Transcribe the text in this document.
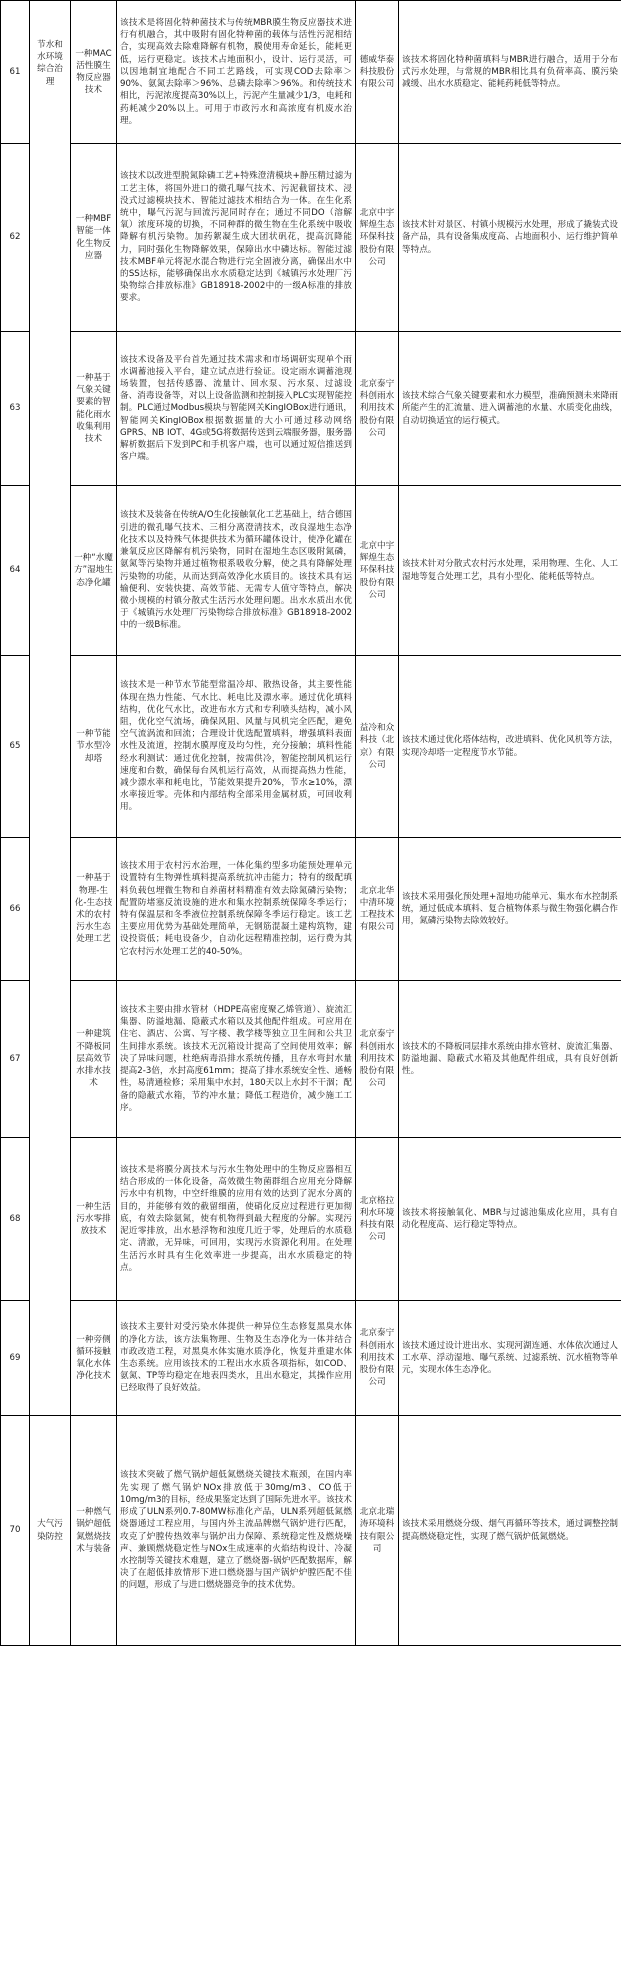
61	节水和水环境综合治理	一种MAC活性膜生物反应器技术	该技术是将固化特种菌技术与传统MBR膜生物反应器技术进行有机融合，其中吸附有固化特种菌的载体与活性污泥相结合，实现高效去除难降解有机物，膜使用寿命延长，能耗更低，运行更稳定。该技术占地面积小，设计、运行灵活，可以因地制宜地配合不同工艺路线，可实现COD去除率＞90%、氨氮去除率＞96%、总磷去除率＞96%。和传统技术相比，污泥浓度提高30%以上，污泥产生量减少1/3，电耗和药耗减少20%以上。可用于市政污水和高浓度有机废水治理。	德威华泰科技股份有限公司	该技术将固化特种菌填料与MBR进行融合，适用于分布式污水处理，与常规的MBR相比具有负荷率高、膜污染减缓、出水水质稳定、能耗药耗低等特点。
62		一种MBF智能一体化生物反应器	该技术以改进型脱氮除磷工艺+特殊澄清模块+静压精过滤为工艺主体，将国外进口的微孔曝气技术、污泥截留技术、浸没式过滤模块技术、智能过滤技术相结合为一体。在生化系统中，曝气污泥与回流污泥同时存在；通过不同DO（溶解氧）浓度环境的切换，不同种群的微生物在生化系统中吸收降解有机污染物。加药絮凝生成大团状矾花，提高沉降能力，同时强化生物降解效果，保障出水中磷达标。智能过滤技术MBF单元将泥水混合物进行完全固液分离，确保出水中的SS达标，能够确保出水水质稳定达到《城镇污水处理厂污染物综合排放标准》GB18918-2002中的一级A标准的排放要求。	北京中宇辉煌生态环保科技股份有限公司	该技术针对景区、村镇小规模污水处理，形成了撬装式设备产品，具有设备集成度高、占地面积小、运行维护简单等特点。
63		一种基于气象关键要素的智能化雨水收集利用技术	该技术设备及平台首先通过技术需求和市场调研实现单个雨水调蓄池接入平台，建立试点进行验证。设定雨水调蓄池现场装置，包括传感器、流量计、回水泵、污水泵、过滤设备、消毒设备等，对以上设备监测和控制接入PLC实现智能控制。PLC通过Modbus模块与智能网关KingIOBox进行通讯，智能网关KingIOBox根据数据量的大小可通过移动网络GPRS、NB IOT、4G或5G将数据传送到云端服务器，服务器解析数据后下发到PC和手机客户端，也可以通过短信推送到客户端。	北京泰宁科创雨水利用技术股份有限公司	该技术综合气象关键要素和水力模型，准确预测未来降雨所能产生的汇流量、进入调蓄池的水量、水质变化曲线，自动切换适宜的运行模式。
64		一种“水魔方”湿地生态净化罐	该技术及装备在传统A/O生化接触氧化工艺基础上，结合德国引进的微孔曝气技术、三相分离澄清技术，改良湿地生态净化技术以及特殊气体提供技术为循环罐体设计，使净化罐在兼氧反应区降解有机污染物，同时在湿地生态区吸附氮磷，氨氮等污染物并通过植物根系吸收分解，使之具有降解处理污染物的功能，从而达到高效净化水质目的。该技术具有运输便利、安装快捷、高效节能、无需专人值守等特点，解决微小规模的村镇分散式生活污水处理问题。出水水质出水优于《城镇污水处理厂污染物综合排放标准》GB18918-2002中的一级B标准。	北京中宇辉煌生态环保科技股份有限公司	该技术针对分散式农村污水处理，采用物理、生化、人工湿地等复合处理工艺，具有小型化、能耗低等特点。
65		一种节能节水型冷却塔	该技术是一种节水节能型常温冷却、散热设备，其主要性能体现在热力性能、气水比、耗电比及漂水率。通过优化填料结构，优化气水比，改进布水方式和专利喷头结构，减小风阻，优化空气流场，确保风阻、风量与风机完全匹配，避免空气流涡流和回流；合理设计优选配置填料，增强填料表面水性及流道，控制水膜厚度及均匀性，充分接触；填料性能经水利测试：通过优化控制，按需供冷，智能控制风机运行速度和台数，确保每台风机运行高效，从而提高热力性能，减少漂水率和耗电比，节能效果提升20%，节水≥10%，漂水率接近零。壳体和内部结构全部采用金属材质，可回收利用。	益冷和众科技（北京）有限公司	该技术通过优化塔体结构，改进填料、优化风机等方法，实现冷却塔一定程度节水节能。
66		一种基于物理-生化-生态技术的农村污水生态处理工艺	该技术用于农村污水治理，一体化集约型多功能预处理单元设置特有生物弹性填料提高系统抗冲击能力；特有的级配填料负载包埋微生物和自养菌材料精准有效去除氮磷污染物；配置防堵塞反流设施的进水和集水控制系统保障冬季运行；特有保温层和冬季液位控制系统保障冬季运行稳定。该工艺主要应用优势为基础处理简单，无钢筋混凝土建构筑物，建设投资低；耗电设备少，自动化远程精准控制，运行费为其它农村污水处理工艺的40-50%。	北京北华中清环境工程技术有限公司	该技术采用强化预处理+湿地功能单元、集水布水控制系统，通过低成本填料、复合植物体系与微生物强化耦合作用，氮磷污染物去除效较好。
67		一种建筑不降板同层高效节水排水技术	该技术主要由排水管材（HDPE高密度聚乙烯管道）、旋流汇集器、防溢地漏、隐蔽式水箱以及其他配件组成。可应用在住宅、酒店、公寓、写字楼、教学楼等独立卫生间和公共卫生间排水系统。该技术无沉箱设计提高了空间使用效率；解决了异味问题，杜绝病毒沿排水系统传播，且存水弯封水量提高2-3倍，水封高度61mm；提高了排水系统安全性、通畅性，易清通检修；采用集中水封，180天以上水封不干涸；配备的隐蔽式水箱，节约冲水量；降低工程造价，减少施工工序。	北京泰宁科创雨水利用技术股份有限公司	该技术的不降板同层排水系统由排水管材、旋流汇集器、防溢地漏、隐蔽式水箱及其他配件组成，具有良好创新性。
68		一种生活污水零排放技术	该技术是将膜分离技术与污水生物处理中的生物反应器相互结合形成的一体化设备，高效微生物菌群组合应用充分降解污水中有机物，中空纤维膜的应用有效的达到了泥水分离的目的，并能够有效的截留细菌，使硝化反应过程进行更加彻底，有效去除氨氮，使有机物得到最大程度的分解。实现污泥近零排放，出水悬浮物和浊度几近于零，处理后的水质稳定、清澈，无异味，可回用，实现污水资源化利用。在处理生活污水时具有生化效率进一步提高，出水水质稳定的特点。	北京格拉利水环境科技有限公司	该技术将接触氧化、MBR与过滤池集成化应用，具有自动化程度高、运行稳定等特点。
69		一种旁侧循环接触氧化水体净化技术	该技术主要针对受污染水体提供一种异位生态修复黑臭水体的净化方法，该方法集物理、生物及生态净化为一体并结合市政改造工程，对黑臭水体实施水质净化，恢复并重建水体生态系统。应用该技术的工程出水水质各项指标，如COD、氨氮、TP等均稳定在地表四类水，且出水稳定，其操作应用已经取得了良好效益。	北京泰宁科创雨水利用技术股份有限公司	该技术通过设计进出水、实现河湖连通、水体依次通过人工水草、浮动湿地、曝气系统、过滤系统、沉水植物等单元，实现水体生态净化。
70	大气污染防控	一种燃气锅炉超低氮燃烧技术与装备	该技术突破了燃气锅炉超低氮燃烧关键技术瓶颈，在国内率先实现了燃气锅炉NOx排放低于30mg/m3、CO低于10mg/m3的目标，经成果鉴定达到了国际先进水平。该技术形成了ULN系列0.7-80MW标准化产品，ULN系列超低氮燃烧器通过工程应用，与国内外主流品牌燃气锅炉进行匹配，攻克了炉膛传热效率与锅炉出力保障、系统稳定性及燃烧噪声、兼顾燃烧稳定性与NOx生成速率的火焰结构设计、冷凝水控制等关键技术难题，建立了燃烧器-锅炉匹配数据库，解决了在超低排放情形下进口燃烧器与国产锅炉炉膛匹配不佳的问题，形成了与进口燃烧器竞争的技术优势。	北京北瑞涛环境科技有限公司	该技术采用燃烧分级、烟气再循环等技术，通过调整控制提高燃烧稳定性，实现了燃气锅炉低氮燃烧。
